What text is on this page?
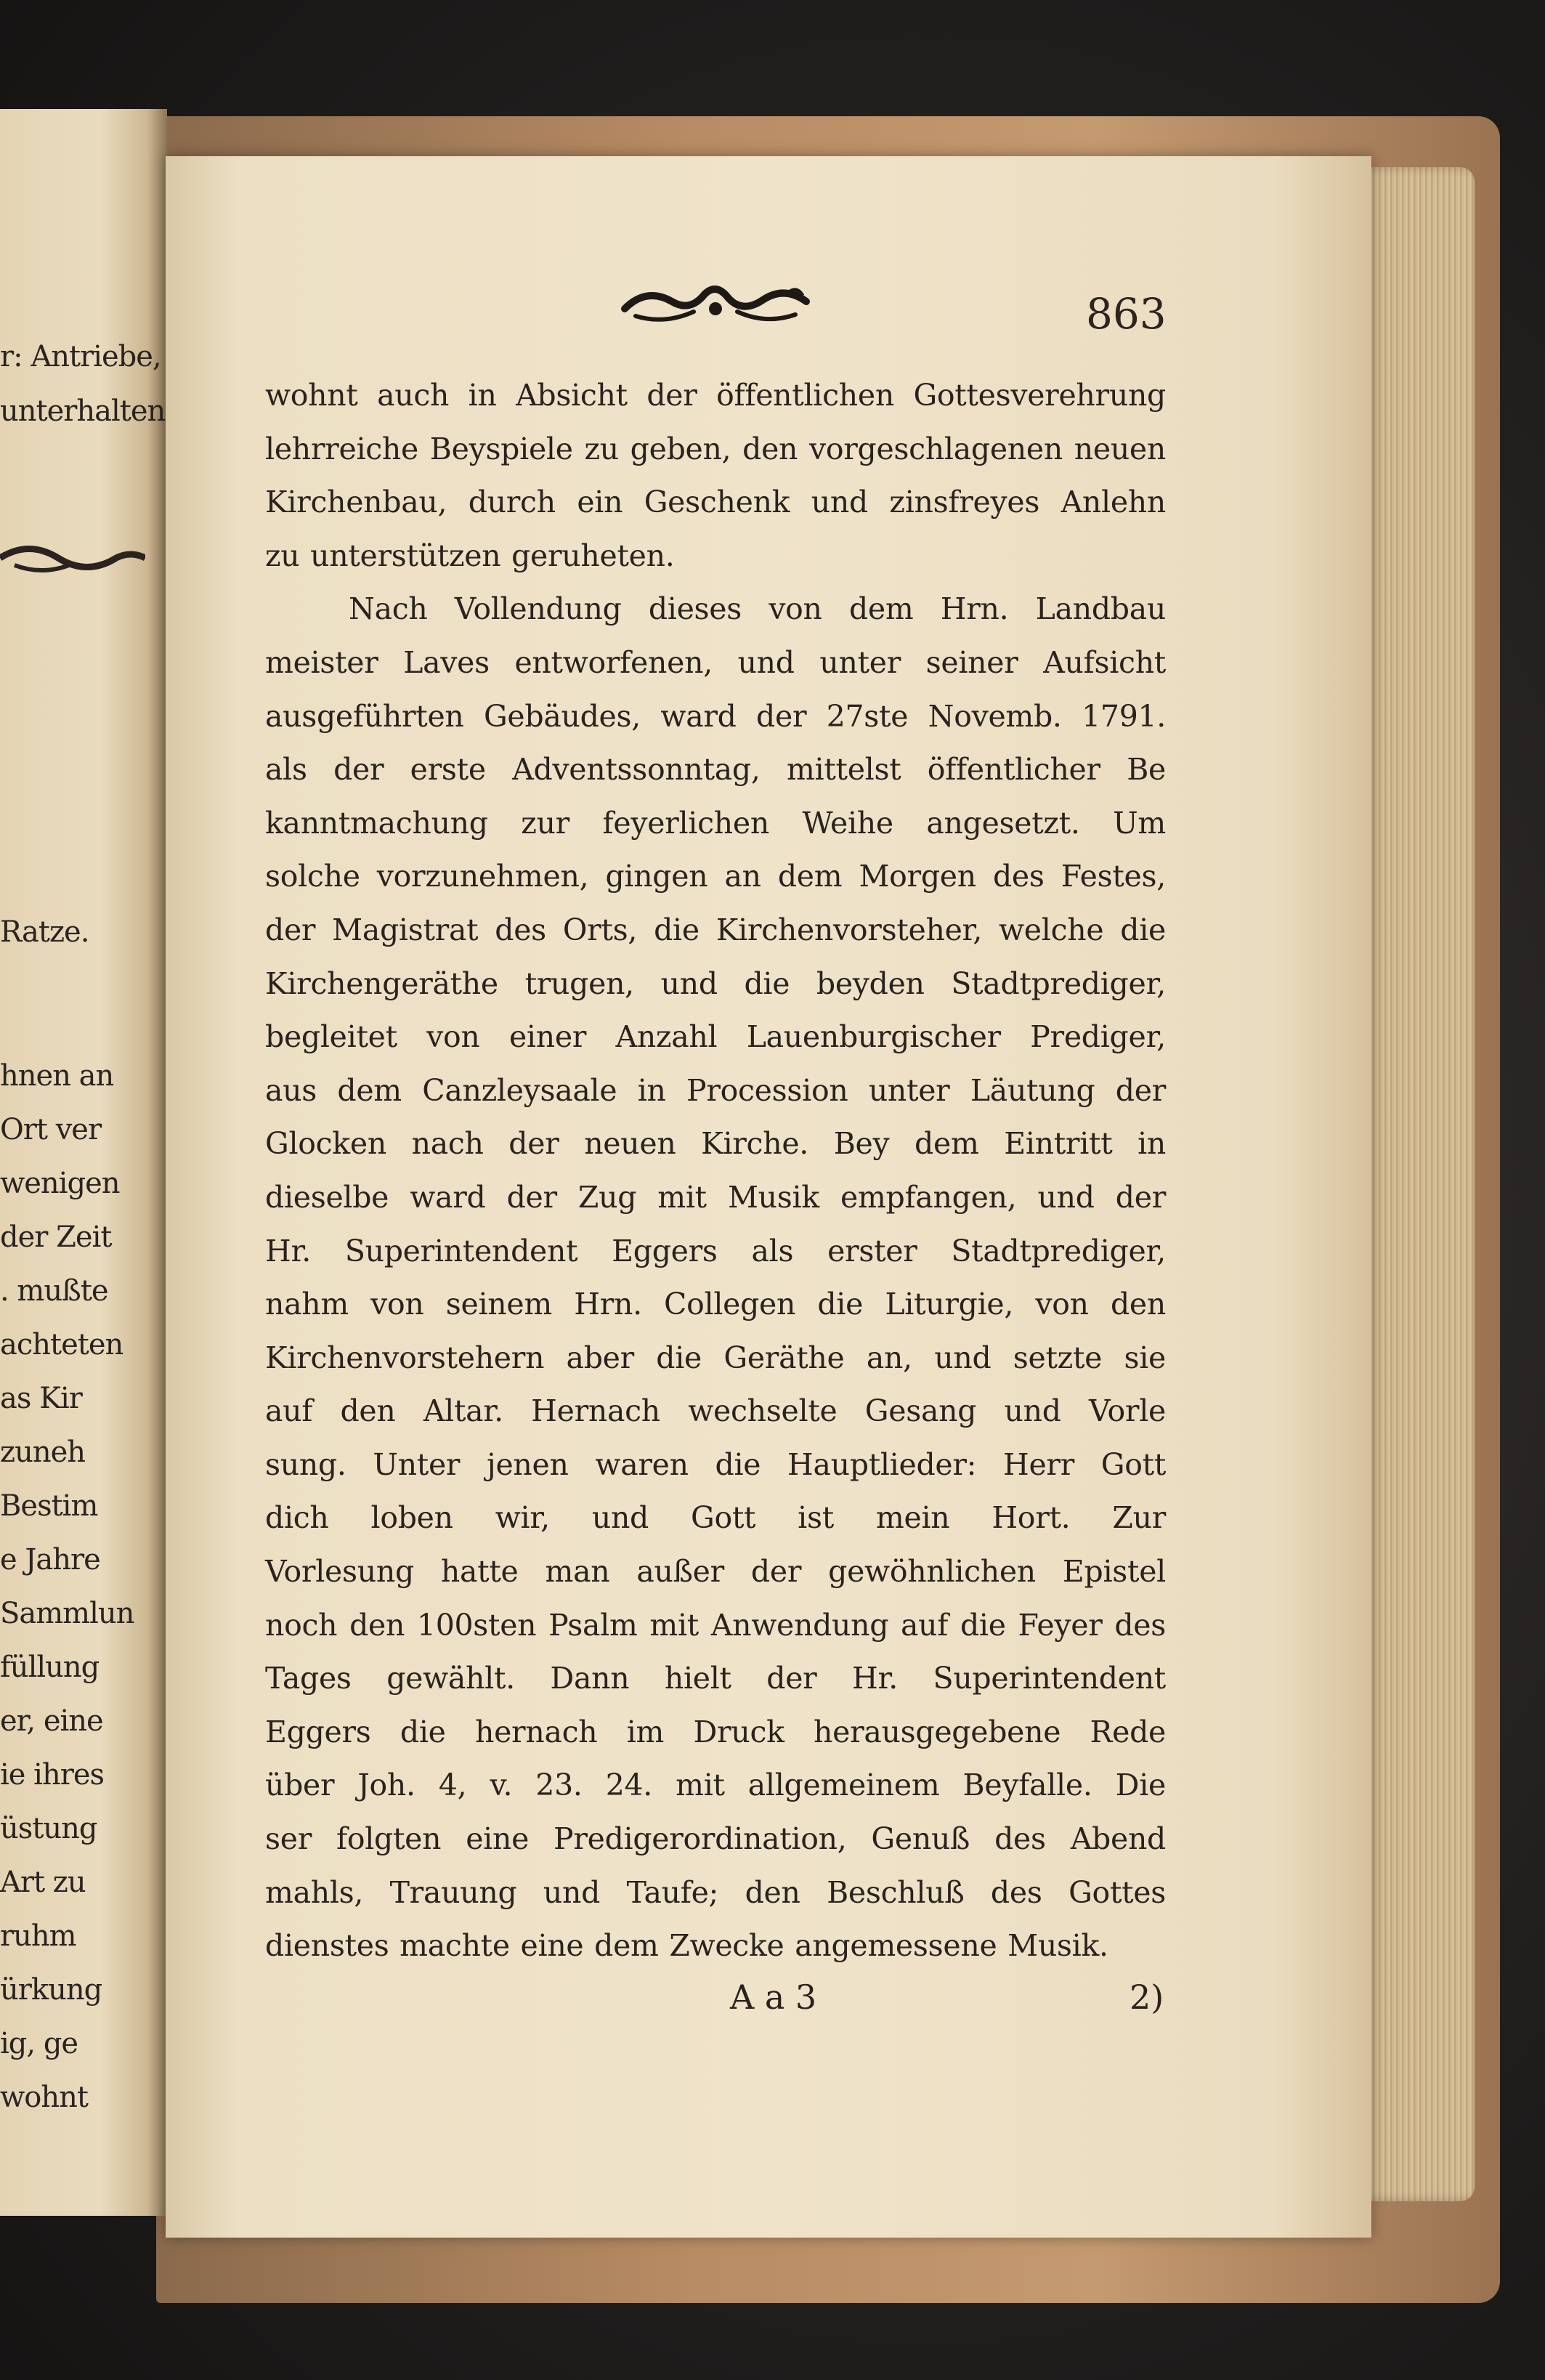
r: Antriebe,
unterhalten
Ratze.
hnen an
Ort ver
wenigen
der Zeit
. mußte
achteten
as Kir
zuneh
Bestim
e Jahre
Sammlun
füllung
er, eine
ie ihres
üstung
Art zu
ruhm
ürkung
ig, ge
wohnt
863
wohnt auch in Absicht der öffentlichen Gottesverehrung
lehrreiche Beyspiele zu geben, den vorgeschlagenen neuen
Kirchenbau, durch ein Geschenk und zinsfreyes Anlehn
zu unterstützen geruheten.
Nach Vollendung dieses von dem Hrn. Landbau
meister Laves entworfenen, und unter seiner Aufsicht
ausgeführten Gebäudes, ward der 27ste Novemb. 1791.
als der erste Adventssonntag, mittelst öffentlicher Be
kanntmachung zur feyerlichen Weihe angesetzt. Um
solche vorzunehmen, gingen an dem Morgen des Festes,
der Magistrat des Orts, die Kirchenvorsteher, welche die
Kirchengeräthe trugen, und die beyden Stadtprediger,
begleitet von einer Anzahl Lauenburgischer Prediger,
aus dem Canzleysaale in Procession unter Läutung der
Glocken nach der neuen Kirche. Bey dem Eintritt in
dieselbe ward der Zug mit Musik empfangen, und der
Hr. Superintendent Eggers als erster Stadtprediger,
nahm von seinem Hrn. Collegen die Liturgie, von den
Kirchenvorstehern aber die Geräthe an, und setzte sie
auf den Altar. Hernach wechselte Gesang und Vorle
sung. Unter jenen waren die Hauptlieder: Herr Gott
dich loben wir, und Gott ist mein Hort. Zur
Vorlesung hatte man außer der gewöhnlichen Epistel
noch den 100sten Psalm mit Anwendung auf die Feyer des
Tages gewählt. Dann hielt der Hr. Superintendent
Eggers die hernach im Druck herausgegebene Rede
über Joh. 4, v. 23. 24. mit allgemeinem Beyfalle. Die
ser folgten eine Predigerordination, Genuß des Abend
mahls, Trauung und Taufe; den Beschluß des Gottes
dienstes machte eine dem Zwecke angemessene Musik.
A a 3	2)
